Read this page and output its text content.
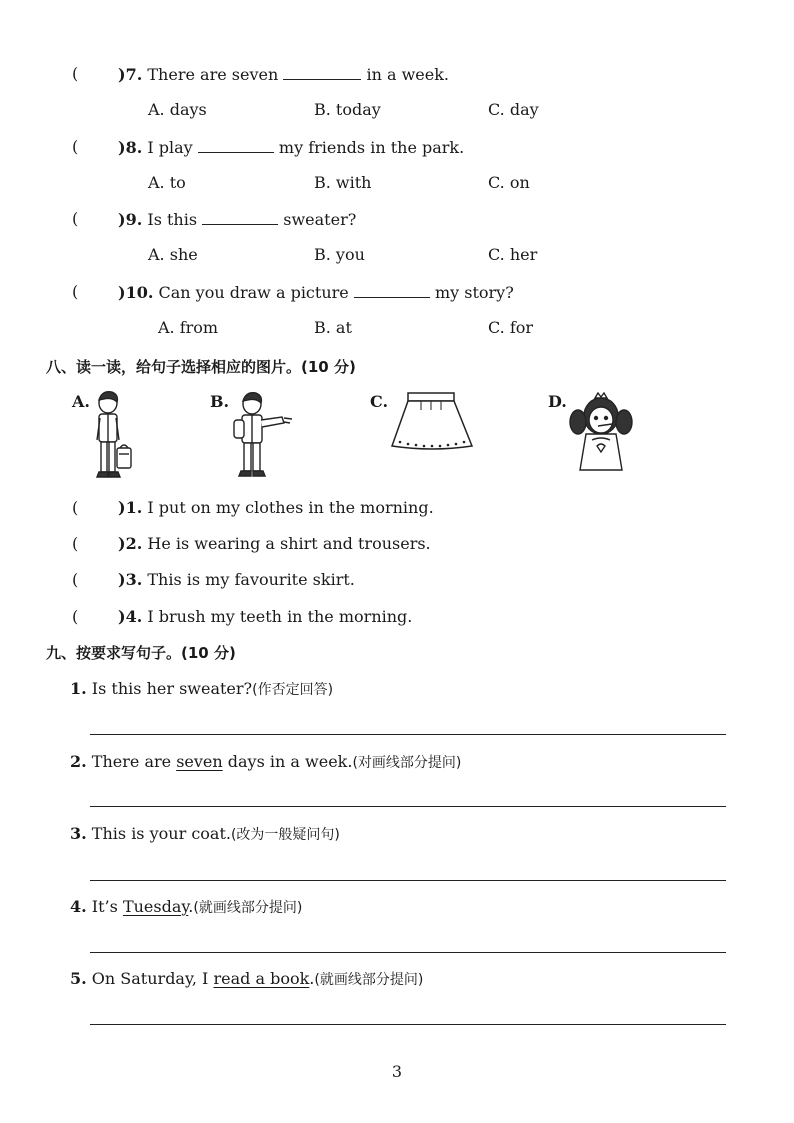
( )7. There are seven	in a week.
A. days	B. today	C. day
( )8. I play	my friends in the park.
A. to	B. with	C. on
( )9. Is this	sweater?
A. she	B. you	C. her
( )10. Can you draw a picture	my story?
A. from	B. at	C. for
八、读一读，给句子选择相应的图片。(10 分)
A.	B.	C.	D.
( )1. I put on my clothes in the morning.
( )2. He is wearing a shirt and trousers.
( )3. This is my favourite skirt.
( )4. I brush my teeth in the morning.
九、按要求写句子。(10 分)
1. Is this her sweater?(作否定回答)
2. There are seven days in a week.(对画线部分提问)
3. This is your coat.(改为一般疑问句)
4. It’s Tuesday.(就画线部分提问)
5. On Saturday, I read a book.(就画线部分提问)
3
